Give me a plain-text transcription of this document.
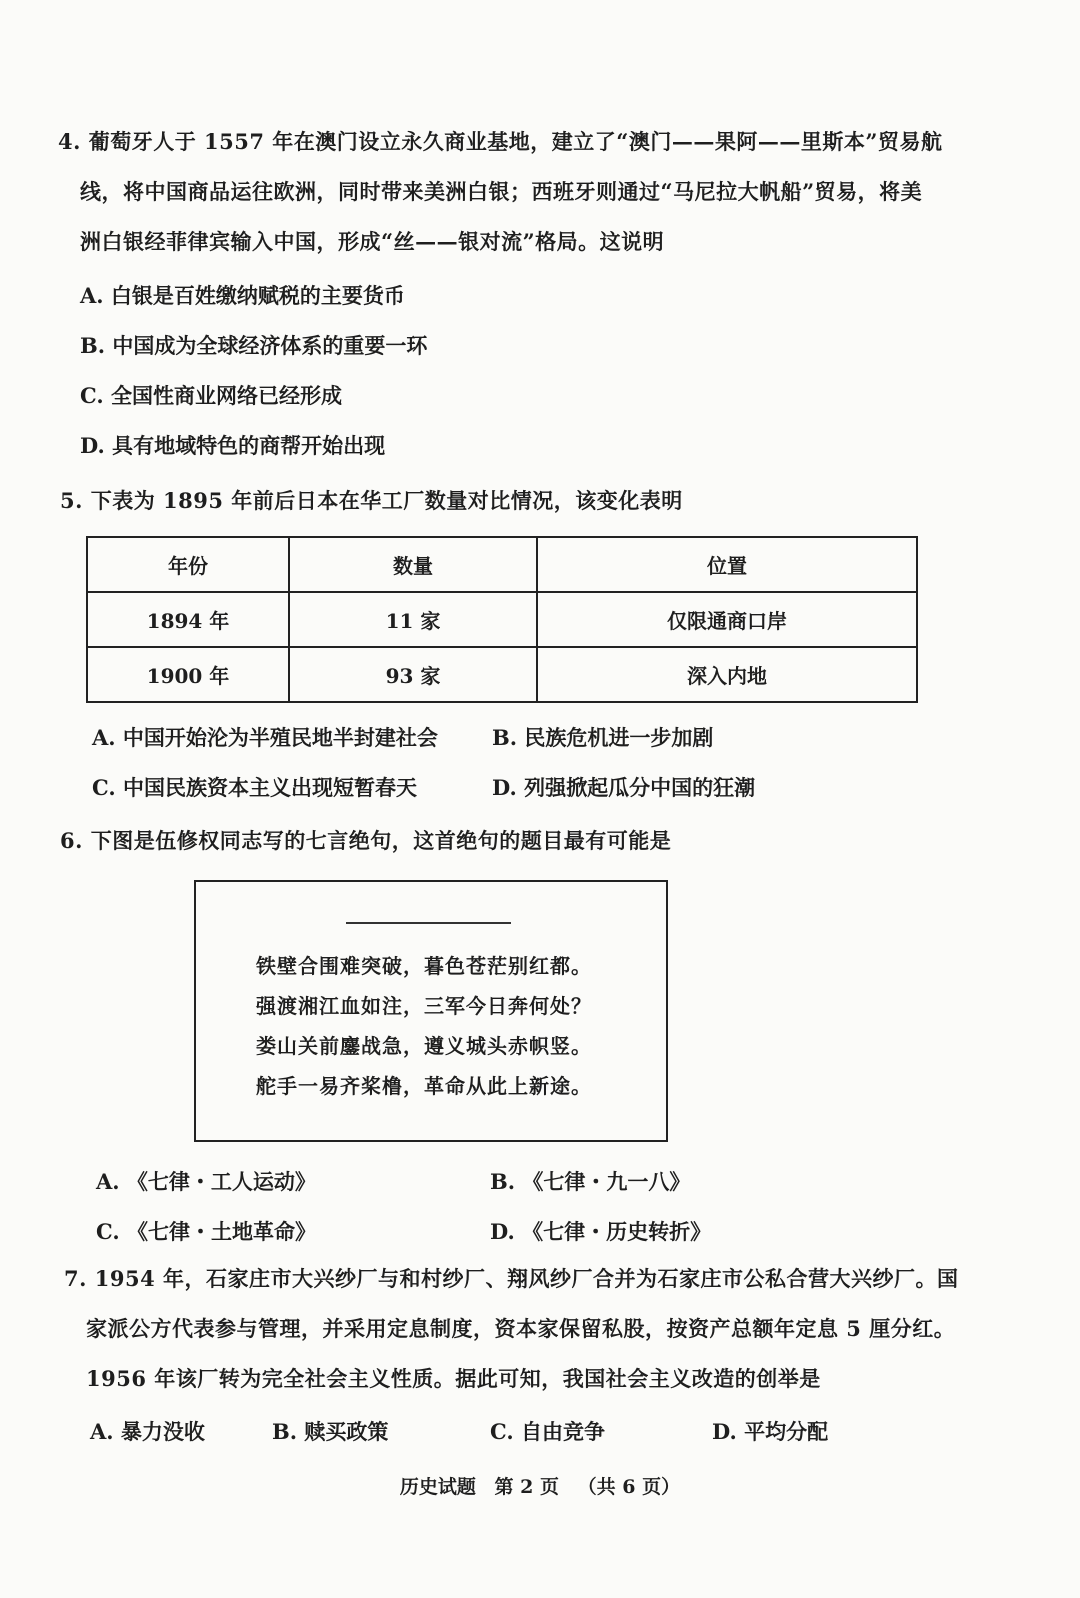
4. 葡萄牙人于 1557 年在澳门设立永久商业基地，建立了“澳门——果阿——里斯本”贸易航
线，将中国商品运往欧洲，同时带来美洲白银；西班牙则通过“马尼拉大帆船”贸易，将美
洲白银经菲律宾输入中国，形成“丝——银对流”格局。这说明
A. 白银是百姓缴纳赋税的主要货币
B. 中国成为全球经济体系的重要一环
C. 全国性商业网络已经形成
D. 具有地域特色的商帮开始出现
5. 下表为 1895 年前后日本在华工厂数量对比情况，该变化表明
年份	数量	位置
1894 年	11 家	仅限通商口岸
1900 年	93 家	深入内地
A. 中国开始沦为半殖民地半封建社会	B. 民族危机进一步加剧
C. 中国民族资本主义出现短暂春天	D. 列强掀起瓜分中国的狂潮
6. 下图是伍修权同志写的七言绝句，这首绝句的题目最有可能是
铁壁合围难突破，暮色苍茫别红都。
强渡湘江血如注，三军今日奔何处？
娄山关前鏖战急，遵义城头赤帜竖。
舵手一易齐桨橹，革命从此上新途。
A. 《七律・工人运动》	B. 《七律・九一八》
C. 《七律・土地革命》	D. 《七律・历史转折》
7. 1954 年，石家庄市大兴纱厂与和村纱厂、翔风纱厂合并为石家庄市公私合营大兴纱厂。国
家派公方代表参与管理，并采用定息制度，资本家保留私股，按资产总额年定息 5 厘分红。
1956 年该厂转为完全社会主义性质。据此可知，我国社会主义改造的创举是
A. 暴力没收	B. 赎买政策	C. 自由竞争	D. 平均分配
历史试题 第 2 页 （共 6 页）
